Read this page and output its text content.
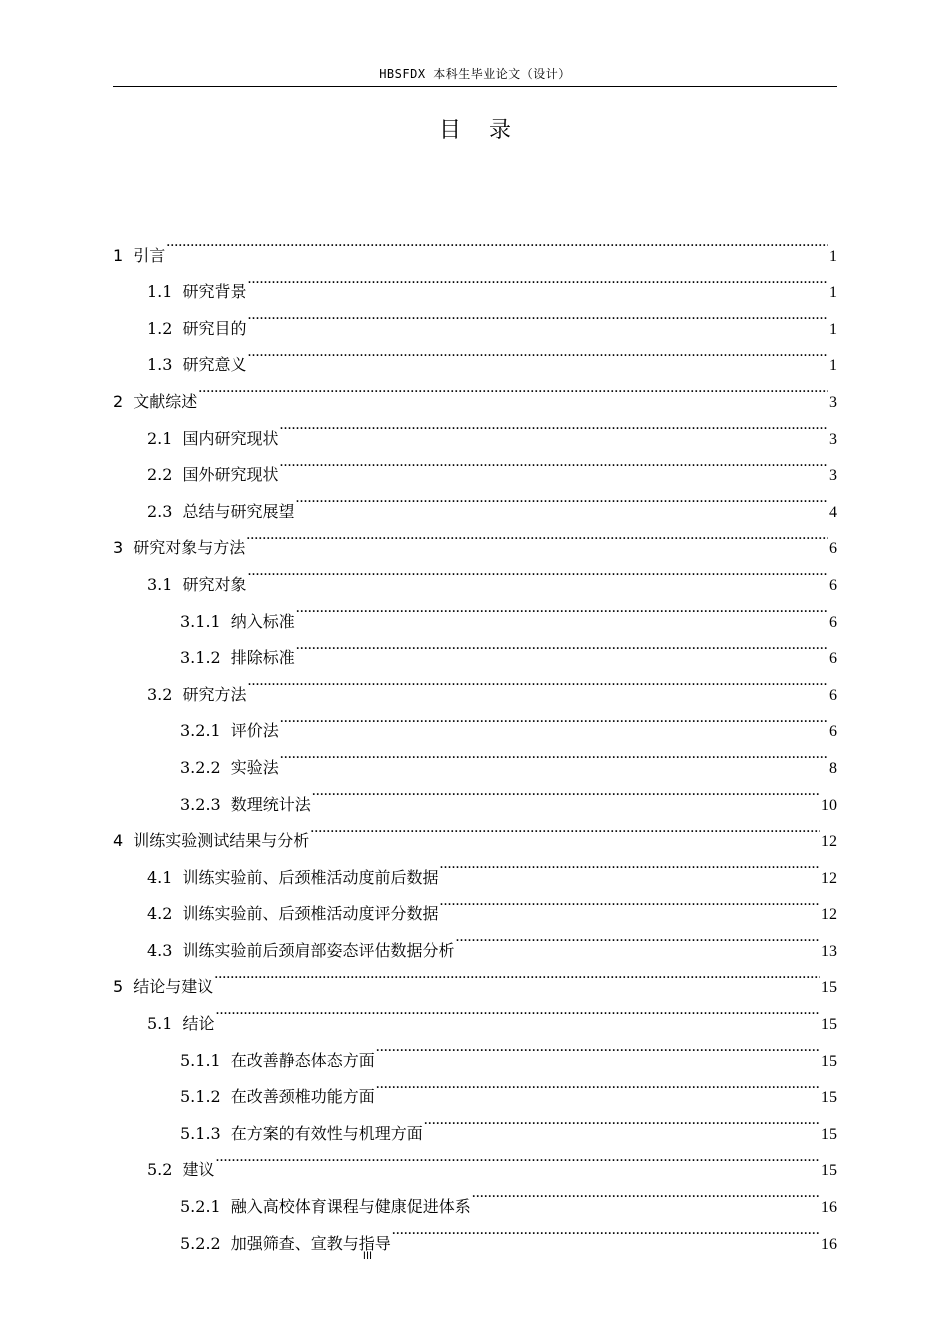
HBSFDX 本科生毕业论文（设计）
目录
1 引言 .....	1
1.1 研究背景 .....	1
1.2 研究目的 .....	1
1.3 研究意义 .....	1
2 文献综述 .....	3
2.1 国内研究现状 .....	3
2.2 国外研究现状 .....	3
2.3 总结与研究展望 .....	4
3 研究对象与方法 .....	6
3.1 研究对象 .....	6
3.1.1 纳入标准 .....	6
3.1.2 排除标准 .....	6
3.2 研究方法 .....	6
3.2.1 评价法 .....	6
3.2.2 实验法 .....	8
3.2.3 数理统计法 .....	10
4 训练实验测试结果与分析 .....	12
4.1 训练实验前、后颈椎活动度前后数据 .....	12
4.2 训练实验前、后颈椎活动度评分数据 .....	12
4.3 训练实验前后颈肩部姿态评估数据分析 .....	13
5 结论与建议 .....	15
5.1 结论 .....	15
5.1.1 在改善静态体态方面 .....	15
5.1.2 在改善颈椎功能方面 .....	15
5.1.3 在方案的有效性与机理方面 .....	15
5.2 建议 .....	15
5.2.1 融入高校体育课程与健康促进体系 .....	16
5.2.2 加强筛查、宣教与指导 .....	16
III
